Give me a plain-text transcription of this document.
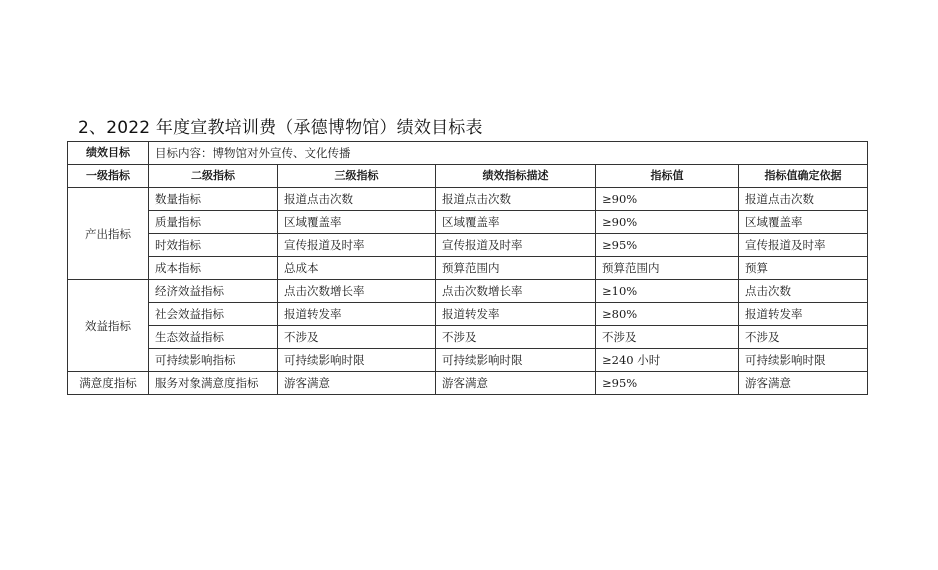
2、2022 年度宣教培训费（承德博物馆）绩效目标表
绩效目标	目标内容：博物馆对外宣传、文化传播				
一级指标	二级指标	三级指标	绩效指标描述	指标值	指标值确定依据
产出指标	数量指标	报道点击次数	报道点击次数	≥90%	报道点击次数
	质量指标	区域覆盖率	区域覆盖率	≥90%	区域覆盖率
	时效指标	宣传报道及时率	宣传报道及时率	≥95%	宣传报道及时率
	成本指标	总成本	预算范围内	预算范围内	预算
效益指标	经济效益指标	点击次数增长率	点击次数增长率	≥10%	点击次数
	社会效益指标	报道转发率	报道转发率	≥80%	报道转发率
	生态效益指标	不涉及	不涉及	不涉及	不涉及
	可持续影响指标	可持续影响时限	可持续影响时限	≥240 小时	可持续影响时限
满意度指标	服务对象满意度指标	游客满意	游客满意	≥95%	游客满意
